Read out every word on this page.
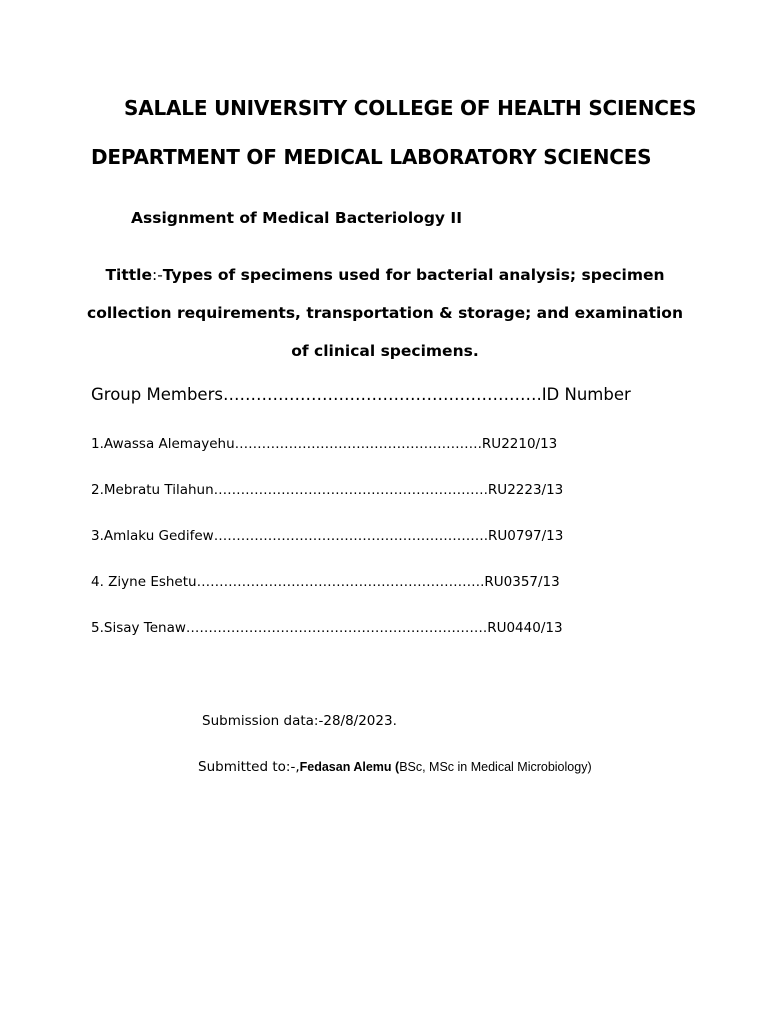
SALALE UNIVERSITY COLLEGE OF HEALTH SCIENCES
DEPARTMENT OF MEDICAL LABORATORY SCIENCES
Assignment of Medical Bacteriology II
Tittle:-Types of specimens used for bacterial analysis; specimen
collection requirements, transportation & storage; and examination
of clinical specimens.
Group Members………………………………………………….ID Number
1.Awassa Alemayehu……………………………………………….RU2210/13
2.Mebratu Tilahun…………………………………………………….RU2223/13
3.Amlaku Gedifew…………………………………………………….RU0797/13
4. Ziyne Eshetu……………………………………………………….RU0357/13
5.Sisay Tenaw………………………………………………………….RU0440/13
Submission data:-28/8/2023.
Submitted to:-,Fedasan Alemu (BSc, MSc in Medical Microbiology)
